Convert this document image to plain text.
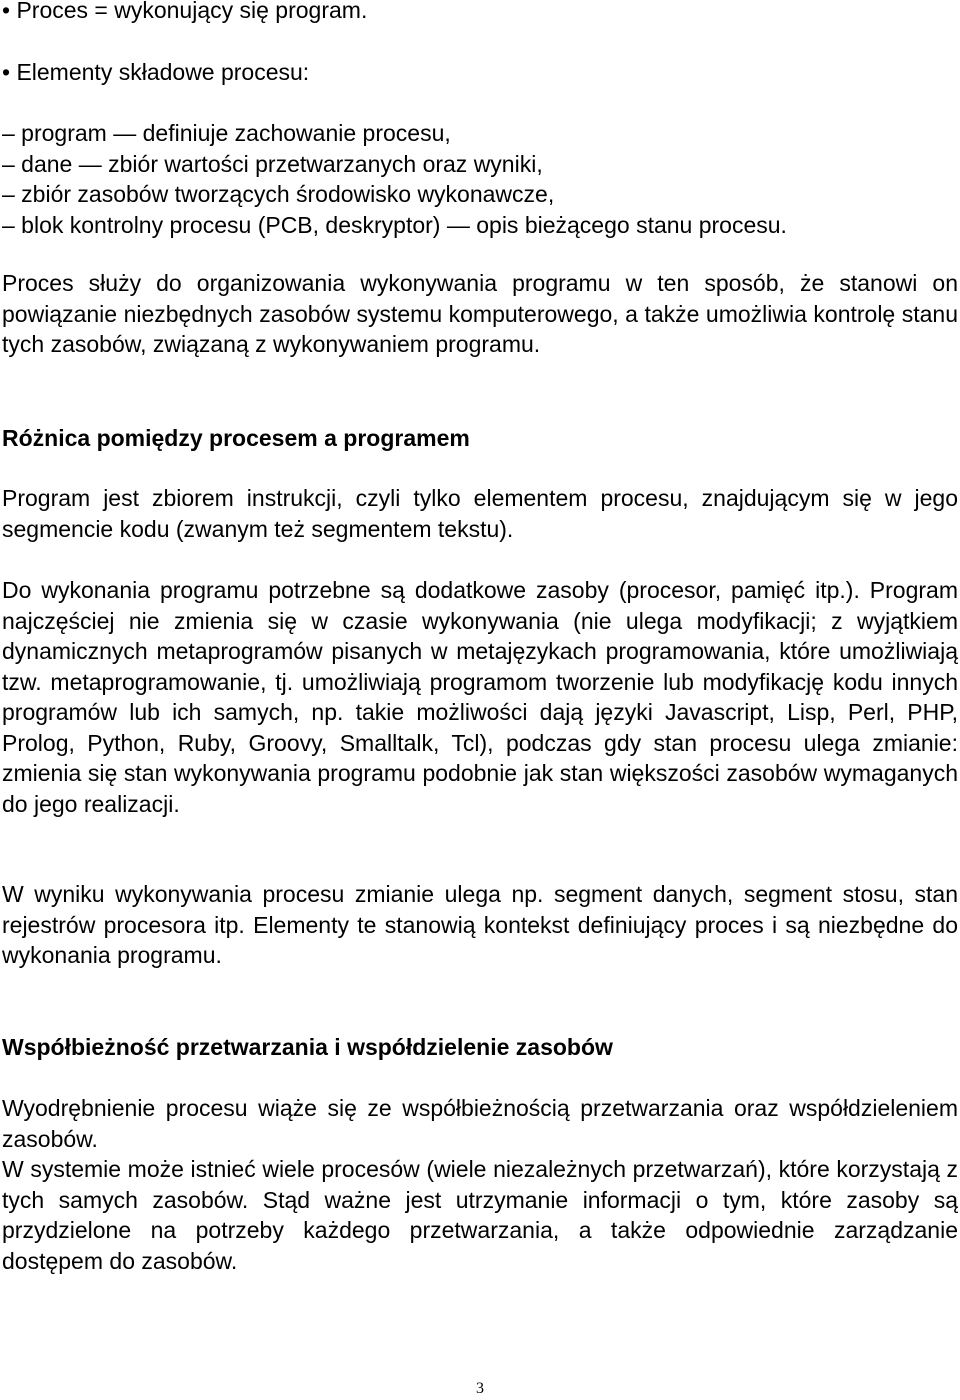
• Proces = wykonujący się program.

• Elementy składowe procesu:

– program — definiuje zachowanie procesu,
– dane — zbiór wartości przetwarzanych oraz wyniki,
– zbiór zasobów tworzących środowisko wykonawcze,
– blok kontrolny procesu (PCB, deskryptor) — opis bieżącego stanu procesu.

Proces służy do organizowania wykonywania programu w ten sposób, że stanowi on powiązanie niezbędnych zasobów systemu komputerowego, a także umożliwia kontrolę stanu tych zasobów, związaną z wykonywaniem programu.

Różnica pomiędzy procesem a programem

Program jest zbiorem instrukcji, czyli tylko elementem procesu, znajdującym się w jego segmencie kodu (zwanym też segmentem tekstu).

Do wykonania programu potrzebne są dodatkowe zasoby (procesor, pamięć itp.). Program najczęściej nie zmienia się w czasie wykonywania (nie ulega modyfikacji; z wyjątkiem dynamicznych metaprogramów pisanych w metajęzykach programowania, które umożliwiają tzw. metaprogramowanie, tj. umożliwiają programom tworzenie lub modyfikację kodu innych programów lub ich samych, np. takie możliwości dają języki Javascript, Lisp, Perl, PHP, Prolog, Python, Ruby, Groovy, Smalltalk, Tcl), podczas gdy stan procesu ulega zmianie: zmienia się stan wykonywania programu podobnie jak stan większości zasobów wymaganych do jego realizacji.

W wyniku wykonywania procesu zmianie ulega np. segment danych, segment stosu, stan rejestrów procesora itp. Elementy te stanowią kontekst definiujący proces i są niezbędne do wykonania programu.

Współbieżność przetwarzania i współdzielenie zasobów

Wyodrębnienie procesu wiąże się ze współbieżnością przetwarzania oraz współdzieleniem zasobów.

W systemie może istnieć wiele procesów (wiele niezależnych przetwarzań), które korzystają z tych samych zasobów. Stąd ważne jest utrzymanie informacji o tym, które zasoby są przydzielone na potrzeby każdego przetwarzania, a także odpowiednie zarządzanie dostępem do zasobów.

3
